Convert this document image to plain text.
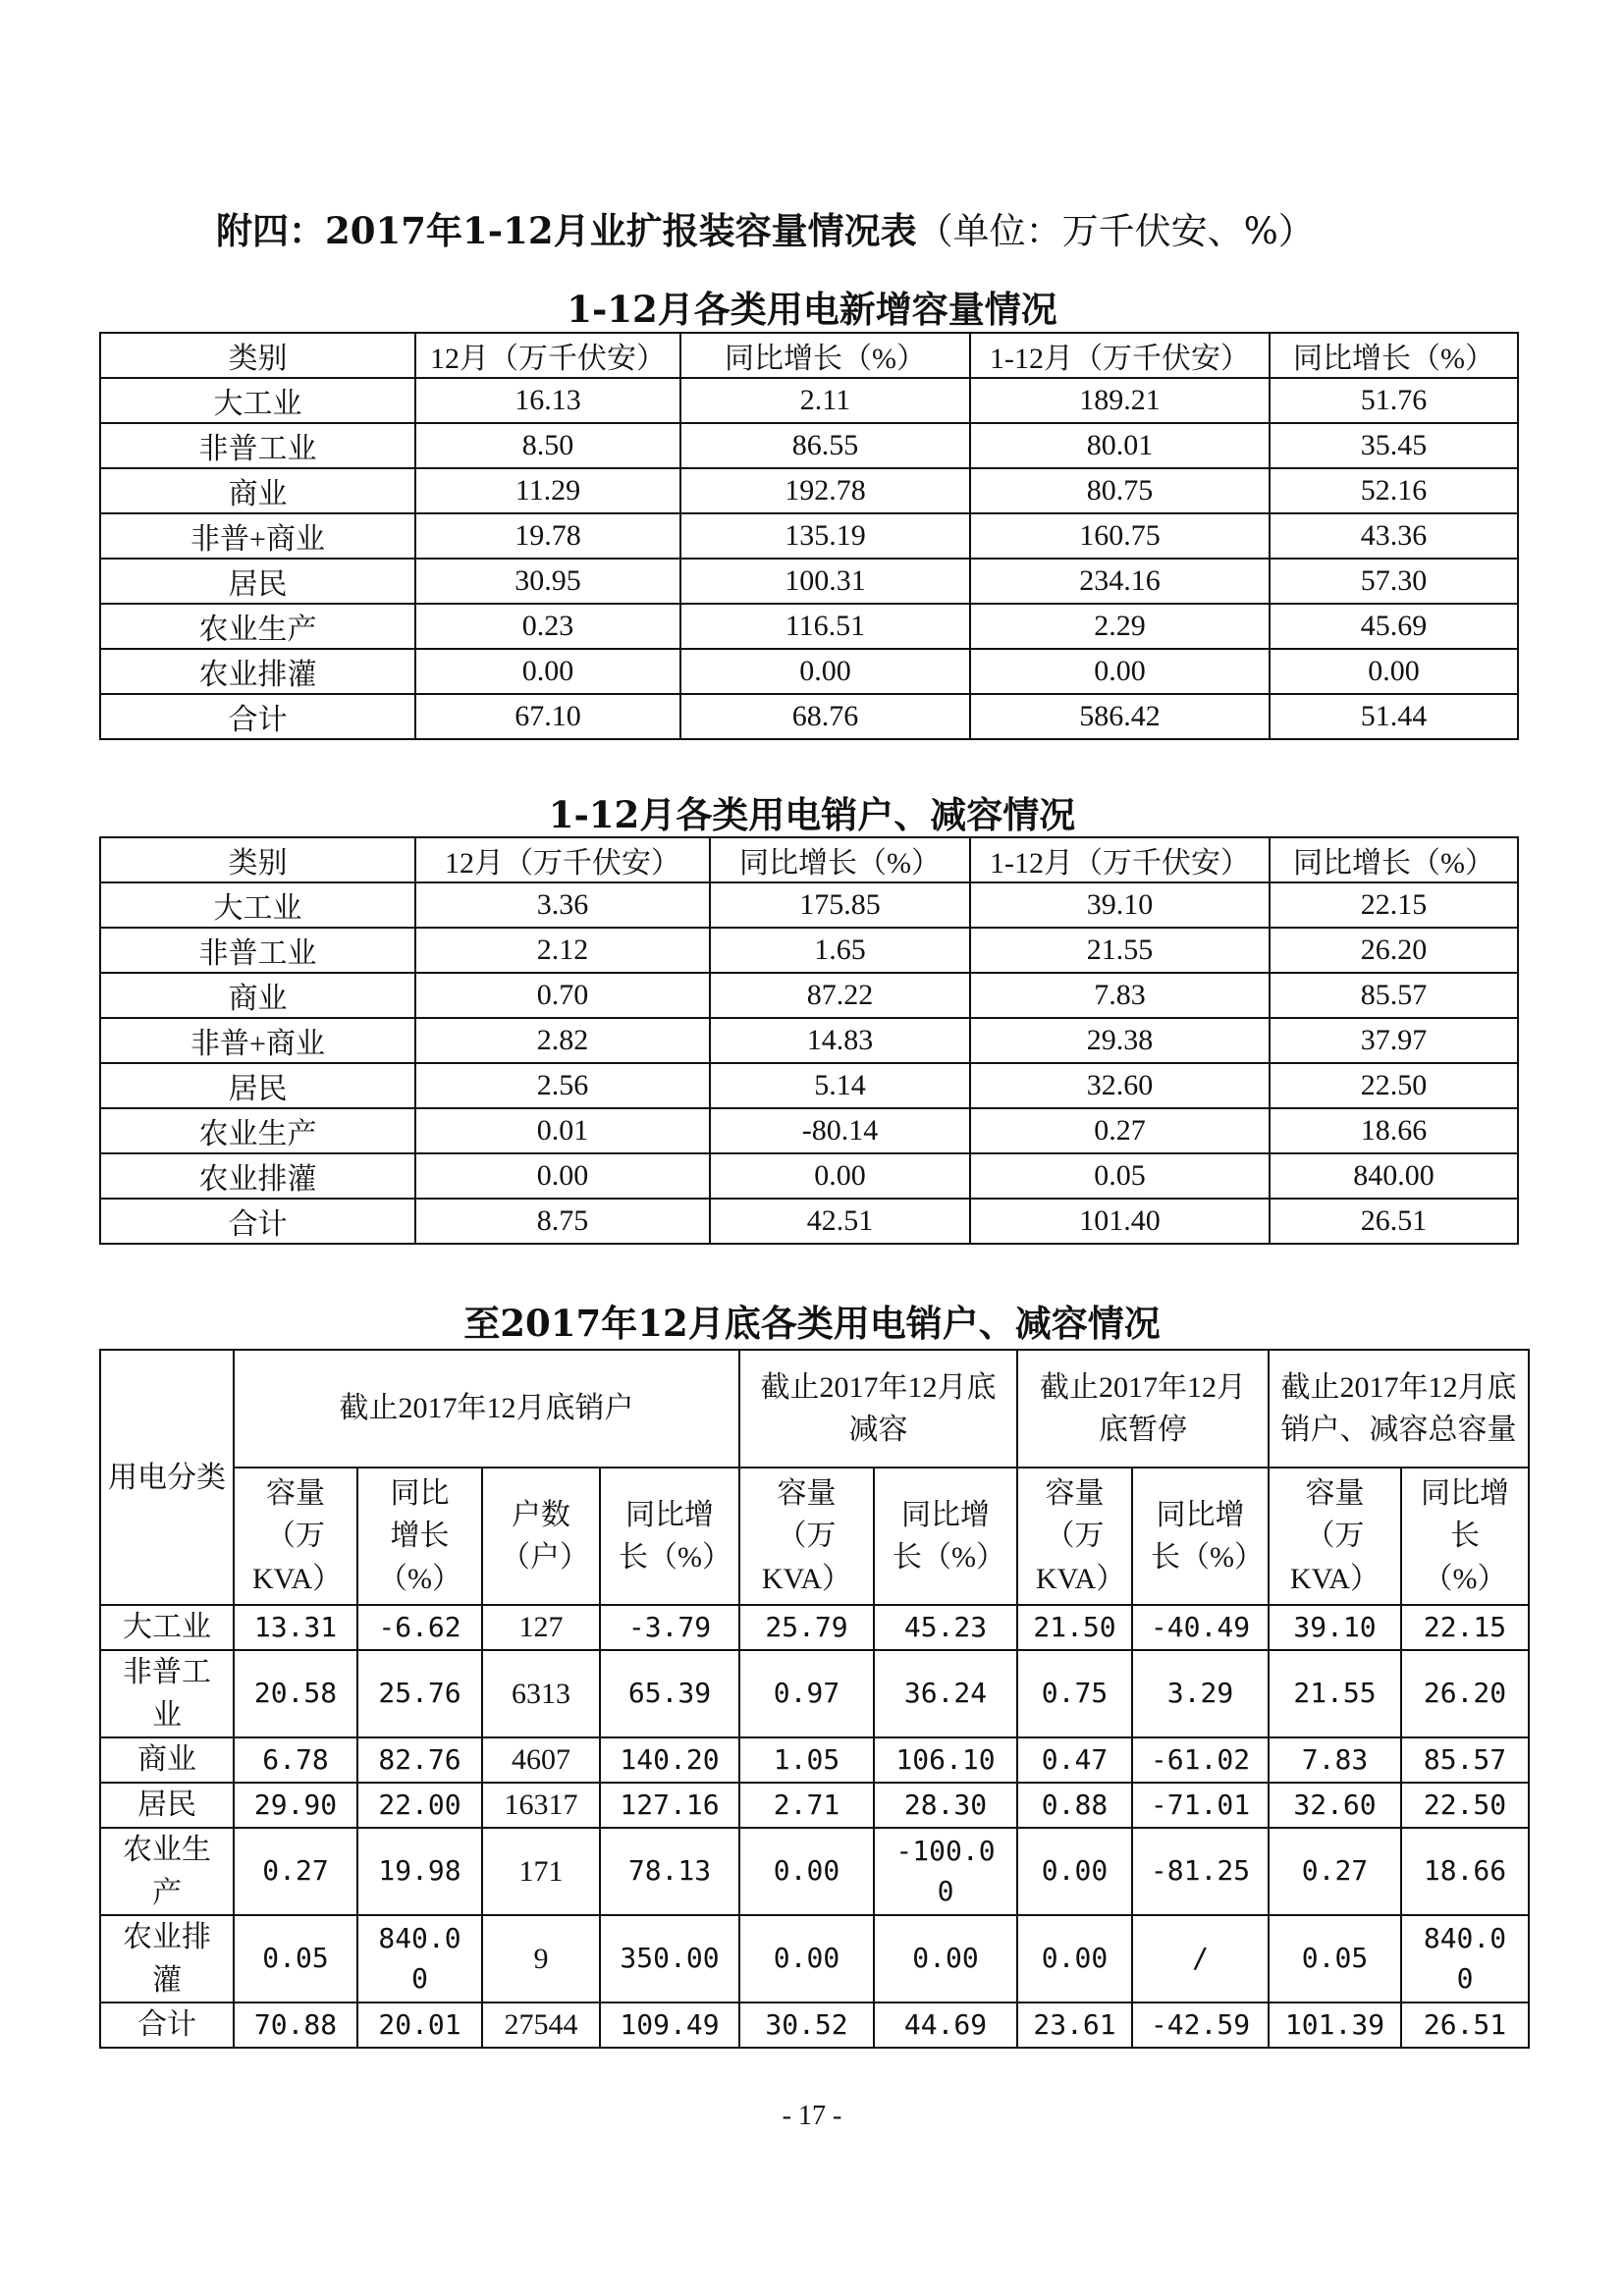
附四：2017年1-12月业扩报装容量情况表（单位：万千伏安、%）
1-12月各类用电新增容量情况
类别	12月（万千伏安）	同比增长（%）	1-12月（万千伏安）	同比增长（%）
大工业	16.13	2.11	189.21	51.76
非普工业	8.50	86.55	80.01	35.45
商业	11.29	192.78	80.75	52.16
非普+商业	19.78	135.19	160.75	43.36
居民	30.95	100.31	234.16	57.30
农业生产	0.23	116.51	2.29	45.69
农业排灌	0.00	0.00	0.00	0.00
合计	67.10	68.76	586.42	51.44
1-12月各类用电销户、减容情况
类别	12月（万千伏安）	同比增长（%）	1-12月（万千伏安）	同比增长（%）
大工业	3.36	175.85	39.10	22.15
非普工业	2.12	1.65	21.55	26.20
商业	0.70	87.22	7.83	85.57
非普+商业	2.82	14.83	29.38	37.97
居民	2.56	5.14	32.60	22.50
农业生产	0.01	-80.14	0.27	18.66
农业排灌	0.00	0.00	0.05	840.00
合计	8.75	42.51	101.40	26.51
至2017年12月底各类用电销户、减容情况
用电分类	截止2017年12月底销户				截止2017年12月底减容		截止2017年12月底暂停		截止2017年12月底销户、减容总容量	
	容量（万KVA）	同比增长（%）	户数（户）	同比增长（%）	容量（万KVA）	同比增长（%）	容量（万KVA）	同比增长（%）	容量（万KVA）	同比增长（%）
大工业	13.31	-6.62	127	-3.79	25.79	45.23	21.50	-40.49	39.10	22.15
非普工业	20.58	25.76	6313	65.39	0.97	36.24	0.75	3.29	21.55	26.20
商业	6.78	82.76	4607	140.20	1.05	106.10	0.47	-61.02	7.83	85.57
居民	29.90	22.00	16317	127.16	2.71	28.30	0.88	-71.01	32.60	22.50
农业生产	0.27	19.98	171	78.13	0.00	-100.00	0.00	-81.25	0.27	18.66
农业排灌	0.05	840.00	9	350.00	0.00	0.00	0.00	/	0.05	840.00
合计	70.88	20.01	27544	109.49	30.52	44.69	23.61	-42.59	101.39	26.51
- 17 -
